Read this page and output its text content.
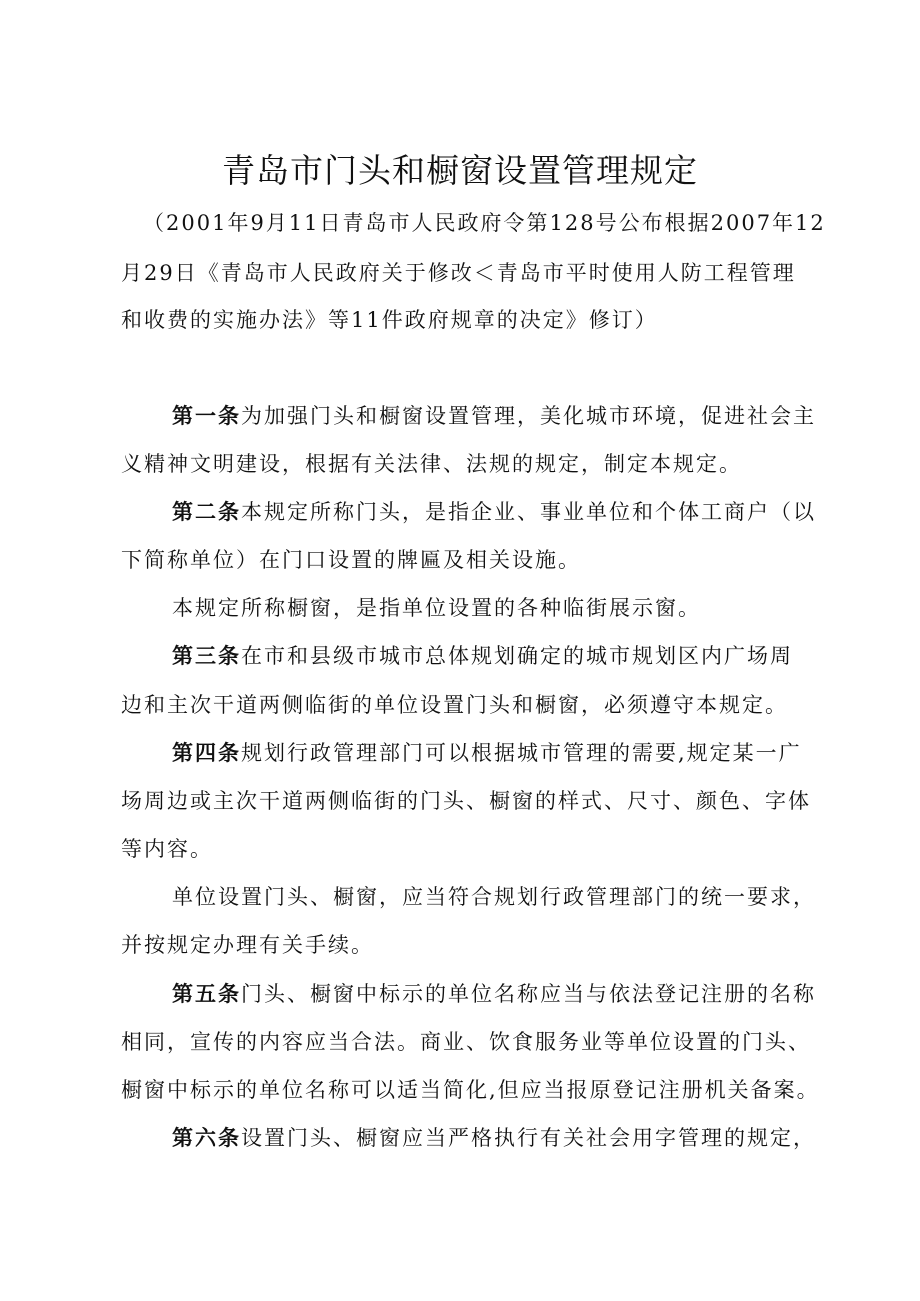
青岛市门头和橱窗设置管理规定
（2001年9月11日青岛市人民政府令第128号公布根据2007年12
月29日《青岛市人民政府关于修改＜青岛市平时使用人防工程管理
和收费的实施办法》等11件政府规章的决定》修订）
第一条为加强门头和橱窗设置管理，美化城市环境，促进社会主
义精神文明建设，根据有关法律、法规的规定，制定本规定。
第二条本规定所称门头，是指企业、事业单位和个体工商户（以
下简称单位）在门口设置的牌匾及相关设施。
本规定所称橱窗，是指单位设置的各种临街展示窗。
第三条在市和县级市城市总体规划确定的城市规划区内广场周
边和主次干道两侧临街的单位设置门头和橱窗，必须遵守本规定。
第四条规划行政管理部门可以根据城市管理的需要,规定某一广
场周边或主次干道两侧临街的门头、橱窗的样式、尺寸、颜色、字体
等内容。
单位设置门头、橱窗，应当符合规划行政管理部门的统一要求，
并按规定办理有关手续。
第五条门头、橱窗中标示的单位名称应当与依法登记注册的名称
相同，宣传的内容应当合法。商业、饮食服务业等单位设置的门头、
橱窗中标示的单位名称可以适当简化,但应当报原登记注册机关备案。
第六条设置门头、橱窗应当严格执行有关社会用字管理的规定，
